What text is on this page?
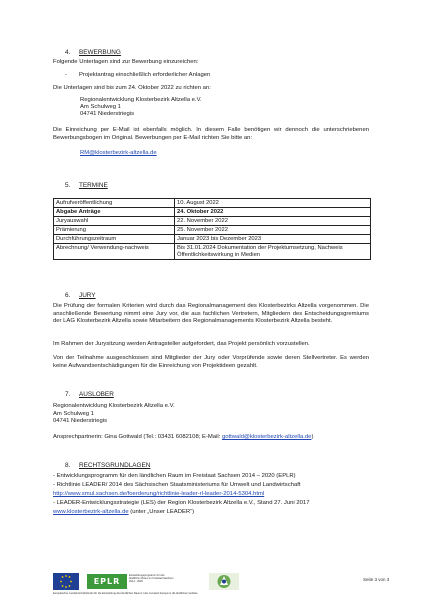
4. BEWERBUNG
Folgende Unterlagen sind zur Bewerbung einzureichen:
- Projektantrag einschließlich erforderlicher Anlagen
Die Unterlagen sind bis zum 24. Oktober 2022 zu richten an:
Regionalentwicklung Klosterbezirk Altzella e.V.
Am Schulweg 1
04741 Niederstriegis
Die Einreichung per E-Mail ist ebenfalls möglich. In diesem Falle benötigen wir dennoch die unterschriebenen Bewerbungsbogen im Original. Bewerbungen per E-Mail richten Sie bitte an:
RM@klosterbezirk-altzella.de
5. TERMINE
Aufrufveröffentlichung	10. August 2022
Abgabe Anträge	24. Oktober 2022
Juryauswahl	22. November 2022
Prämierung	25. November 2022
Durchführungszeitraum	Januar 2023 bis Dezember 2023
Abrechnung/ Verwendung-nachweis	Bis 31.01.2024 Dokumentation der Projektumsetzung, Nachweis Öffentlichkeitswirkung in Medien
6. JURY
Die Prüfung der formalen Kriterien wird durch das Regionalmanagement des Klosterbezirks Altzella vorgenommen. Die anschließende Bewertung nimmt eine Jury vor, die aus fachlichen Vertretern, Mitgliedern des Entscheidungsgremiums der LAG Klosterbezirk Altzella sowie Mitarbeitern des Regionalmanagements Klosterbezirk Altzella besteht.
Im Rahmen der Jurysitzung werden Antragsteller aufgefordert, das Projekt persönlich vorzustellen.
Von der Teilnahme ausgeschlossen sind Mitglieder der Jury oder Vorprüfende sowie deren Stellvertreter. Es werden keine Aufwandsentschädigungen für die Einreichung von Projektideen gezahlt.
7. AUSLOBER
Regionalentwicklung Klosterbezirk Altzella e.V.
Am Schulweg 1
04741 Niederstriegis
Ansprechpartnerin: Gina Gottwald (Tel.: 03431 6082108; E-Mail: gottwald@klosterbezirk-altzella.de)
8. RECHTSGRUNDLAGEN
- Entwicklungsprogramm für den ländlichen Raum im Freistaat Sachsen 2014 – 2020 (EPLR)
- Richtlinie LEADER/ 2014 des Sächsischen Staatsministeriums für Umwelt und Landwirtschaft
http://www.smul.sachsen.de/foerderung/richtlinie-leader-rl-leader-2014-5304.html
- LEADER-Entwicklungsstrategie (LES) der Region Klosterbezirk Altzella e.V., Stand 27. Juni 2017
www.klosterbezirk-altzella.de (unter „Unser LEADER“)
EPLR
Entwicklungsprogramm für den ländlichen Raum im Freistaat Sachsen 2014 - 2020
Europäischer Landwirtschaftsfonds für die Entwicklung des ländlichen Raums: Hier investiert Europa in die ländlichen Gebiete
Seite 3 von 3
